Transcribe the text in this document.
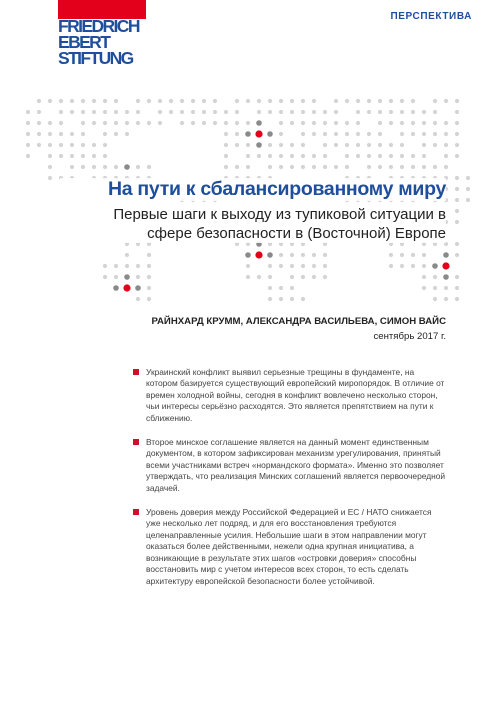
FRIEDRICH
EBERT
STIFTUNG
ПЕРСПЕКТИВА
На пути к сбалансированному миру
Первые шаги к выходу из тупиковой ситуации в
сфере безопасности в (Восточной) Европе
РАЙНХАРД КРУММ, АЛЕКСАНДРА ВАСИЛЬЕВА, СИМОН ВАЙС
сентябрь 2017 г.
Украинский конфликт выявил серьезные трещины в фундаменте, на котором базируется существующий европейский миропорядок. В отличие от времен холодной войны, сегодня в конфликт вовлечено несколько сторон, чьи интересы серьёзно расходятся. Это является препятствием на пути к сближению.
Второе минское соглашение является на данный момент единственным документом, в котором зафиксирован механизм урегулирования, принятый всеми участниками встреч «нормандского формата». Именно это позволяет утверждать, что реализация Минских соглашений является первоочередной задачей.
Уровень доверия между Российской Федерацией и ЕС / НАТО снижается уже несколько лет подряд, и для его восстановления требуются целенаправленные усилия. Небольшие шаги в этом направлении могут оказаться более действенными, нежели одна крупная инициатива, а возникающие в результате этих шагов «островки доверия» способны восстановить мир с учетом интересов всех сторон, то есть сделать архитектуру европейской безопасности более устойчивой.
